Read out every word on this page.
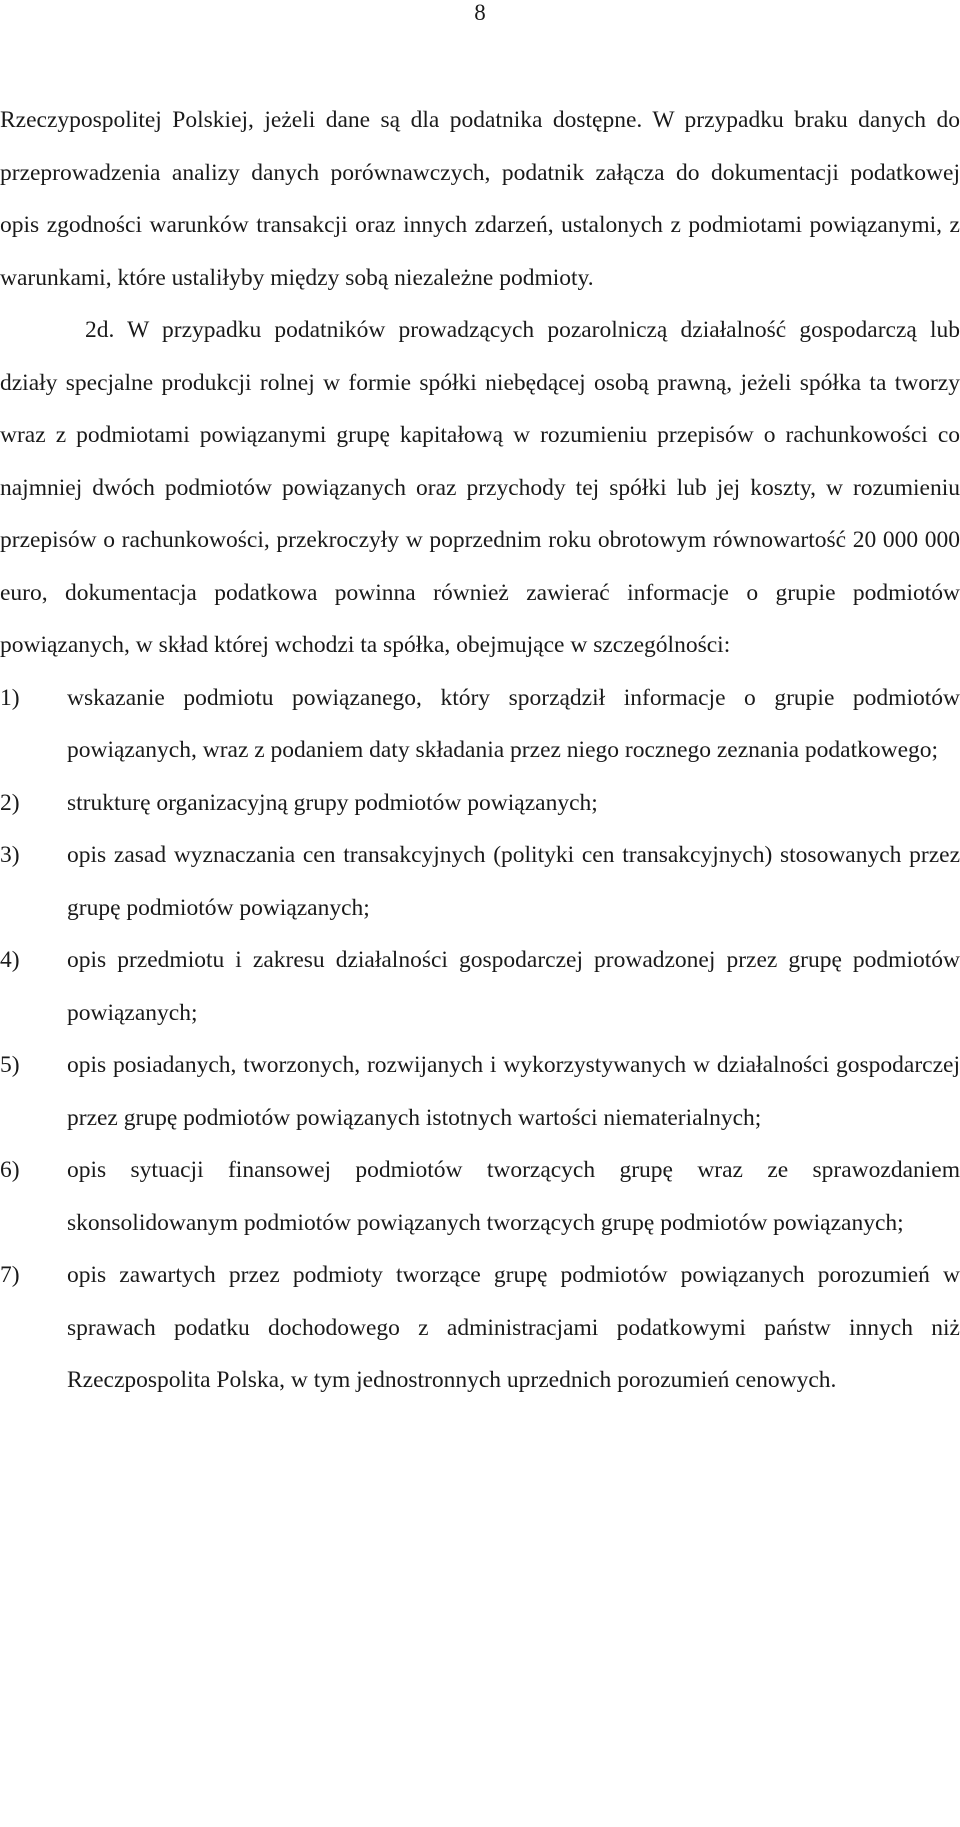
8

Rzeczypospolitej Polskiej, jeżeli dane są dla podatnika dostępne. W przypadku braku danych do przeprowadzenia analizy danych porównawczych, podatnik załącza do dokumentacji podatkowej opis zgodności warunków transakcji oraz innych zdarzeń, ustalonych z podmiotami powiązanymi, z warunkami, które ustaliłyby między sobą niezależne podmioty.

2d. W przypadku podatników prowadzących pozarolniczą działalność gospodarczą lub działy specjalne produkcji rolnej w formie spółki niebędącej osobą prawną, jeżeli spółka ta tworzy wraz z podmiotami powiązanymi grupę kapitałową w rozumieniu przepisów o rachunkowości co najmniej dwóch podmiotów powiązanych oraz przychody tej spółki lub jej koszty, w rozumieniu przepisów o rachunkowości, przekroczyły w poprzednim roku obrotowym równowartość 20 000 000 euro, dokumentacja podatkowa powinna również zawierać informacje o grupie podmiotów powiązanych, w skład której wchodzi ta spółka, obejmujące w szczególności:

1)	wskazanie podmiotu powiązanego, który sporządził informacje o grupie podmiotów powiązanych, wraz z podaniem daty składania przez niego rocznego zeznania podatkowego;
2)	strukturę organizacyjną grupy podmiotów powiązanych;
3)	opis zasad wyznaczania cen transakcyjnych (polityki cen transakcyjnych) stosowanych przez grupę podmiotów powiązanych;
4)	opis przedmiotu i zakresu działalności gospodarczej prowadzonej przez grupę podmiotów powiązanych;
5)	opis posiadanych, tworzonych, rozwijanych i wykorzystywanych w działalności gospodarczej przez grupę podmiotów powiązanych istotnych wartości niematerialnych;
6)	opis sytuacji finansowej podmiotów tworzących grupę wraz ze sprawozdaniem skonsolidowanym podmiotów powiązanych tworzących grupę podmiotów powiązanych;
7)	opis zawartych przez podmioty tworzące grupę podmiotów powiązanych porozumień w sprawach podatku dochodowego z administracjami podatkowymi państw innych niż Rzeczpospolita Polska, w tym jednostronnych uprzednich porozumień cenowych.
